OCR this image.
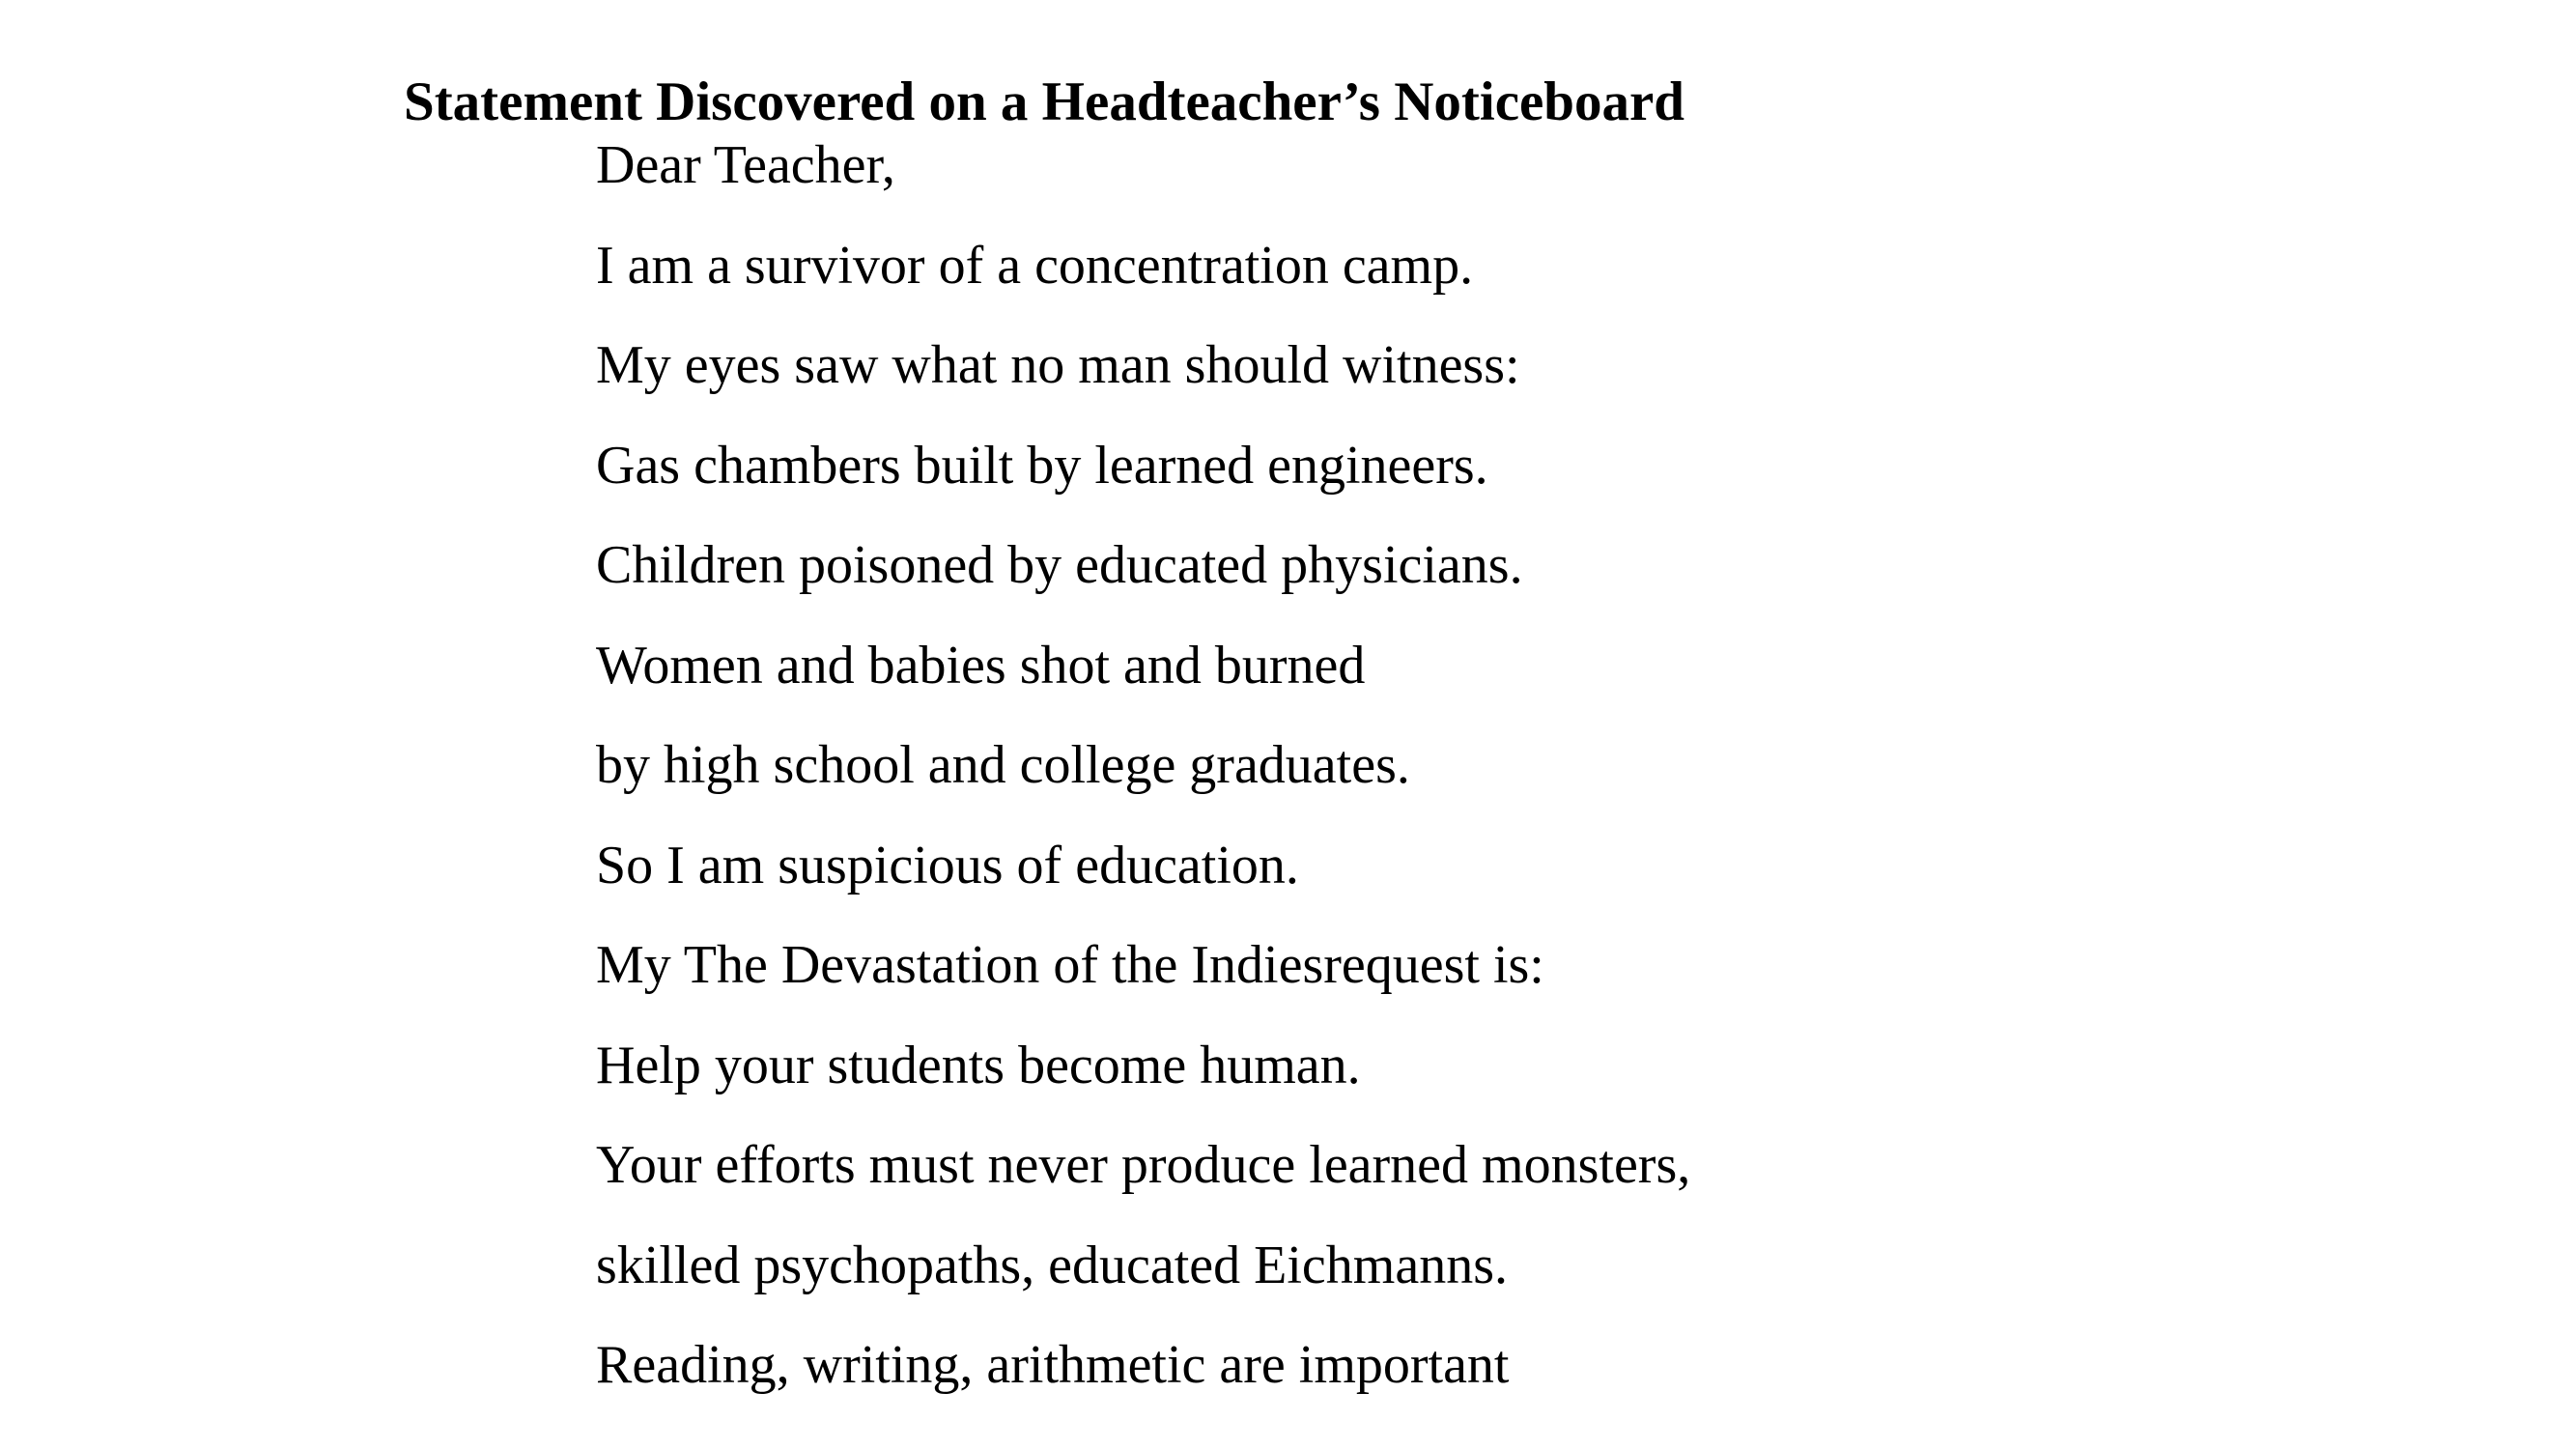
Statement Discovered on a Headteacher’s Noticeboard
Dear Teacher,
I am a survivor of a concentration camp.
My eyes saw what no man should witness:
Gas chambers built by learned engineers.
Children poisoned by educated physicians.
Women and babies shot and burned
by high school and college graduates.
So I am suspicious of education.
My The Devastation of the Indiesrequest is:
Help your students become human.
Your efforts must never produce learned monsters,
skilled psychopaths, educated Eichmanns.
Reading, writing, arithmetic are important
